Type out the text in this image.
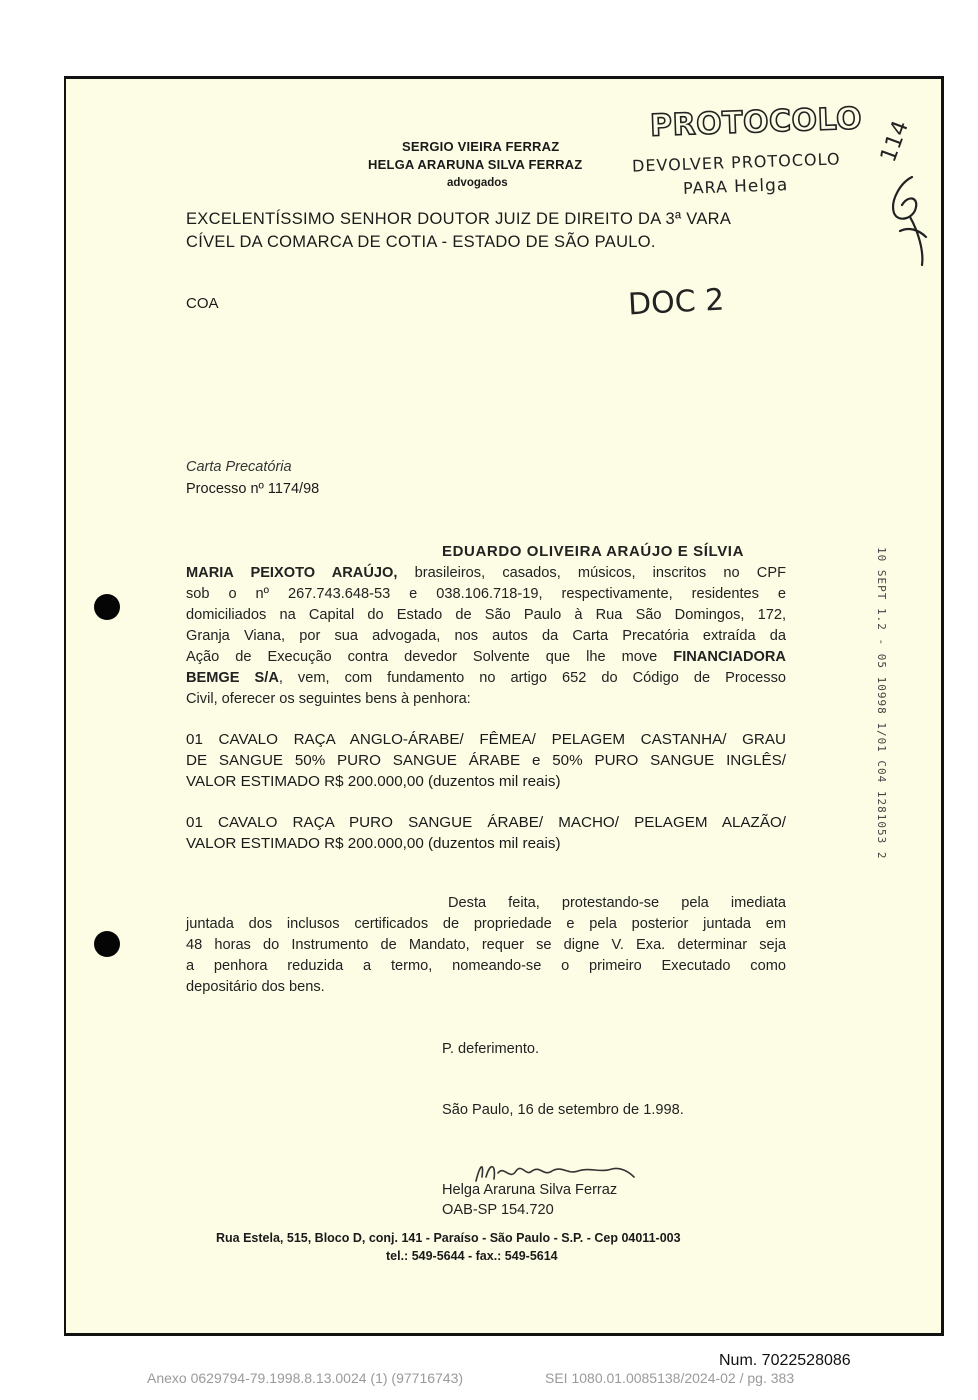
SERGIO VIEIRA FERRAZ
HELGA ARARUNA SILVA FERRAZ
advogados
PROTOCOLO
DEVOLVER PROTOCOLO
PARA Helga
114
EXCELENTÍSSIMO SENHOR DOUTOR JUIZ DE DIREITO DA 3ª VARA
CÍVEL DA COMARCA DE COTIA - ESTADO DE SÃO PAULO.
COA	DOC 2
Carta Precatória
Processo nº 1174/98
EDUARDO OLIVEIRA ARAÚJO E SÍLVIA
MARIA PEIXOTO ARAÚJO, brasileiros, casados, músicos, inscritos no CPF
sob o nº 267.743.648-53 e 038.106.718-19, respectivamente, residentes e
domiciliados na Capital do Estado de São Paulo à Rua São Domingos, 172,
Granja Viana, por sua advogada, nos autos da Carta Precatória extraída da
Ação de Execução contra devedor Solvente que lhe move FINANCIADORA
BEMGE S/A, vem, com fundamento no artigo 652 do Código de Processo
Civil, oferecer os seguintes bens à penhora:
01 CAVALO RAÇA ANGLO-ÁRABE/ FÊMEA/ PELAGEM CASTANHA/ GRAU
DE SANGUE 50% PURO SANGUE ÁRABE e 50% PURO SANGUE INGLÊS/
VALOR ESTIMADO R$ 200.000,00 (duzentos mil reais)
01 CAVALO RAÇA PURO SANGUE ÁRABE/ MACHO/ PELAGEM ALAZÃO/
VALOR ESTIMADO R$ 200.000,00 (duzentos mil reais)
Desta feita, protestando-se pela imediata
juntada dos inclusos certificados de propriedade e pela posterior juntada em
48 horas do Instrumento de Mandato, requer se digne V. Exa. determinar seja
a penhora reduzida a termo, nomeando-se o primeiro Executado como
depositário dos bens.
P. deferimento.
São Paulo, 16 de setembro de 1.998.
Helga Araruna Silva Ferraz
OAB-SP 154.720
Rua Estela, 515, Bloco D, conj. 141 - Paraíso - São Paulo - S.P. - Cep 04011-003
tel.: 549-5644 - fax.: 549-5614
10 SEPT 1.2 - 05 10998 1/01 C04 1281053 2
Num. 7022528086
Anexo 0629794-79.1998.8.13.0024 (1) (97716743)	SEI 1080.01.0085138/2024-02 / pg. 383
